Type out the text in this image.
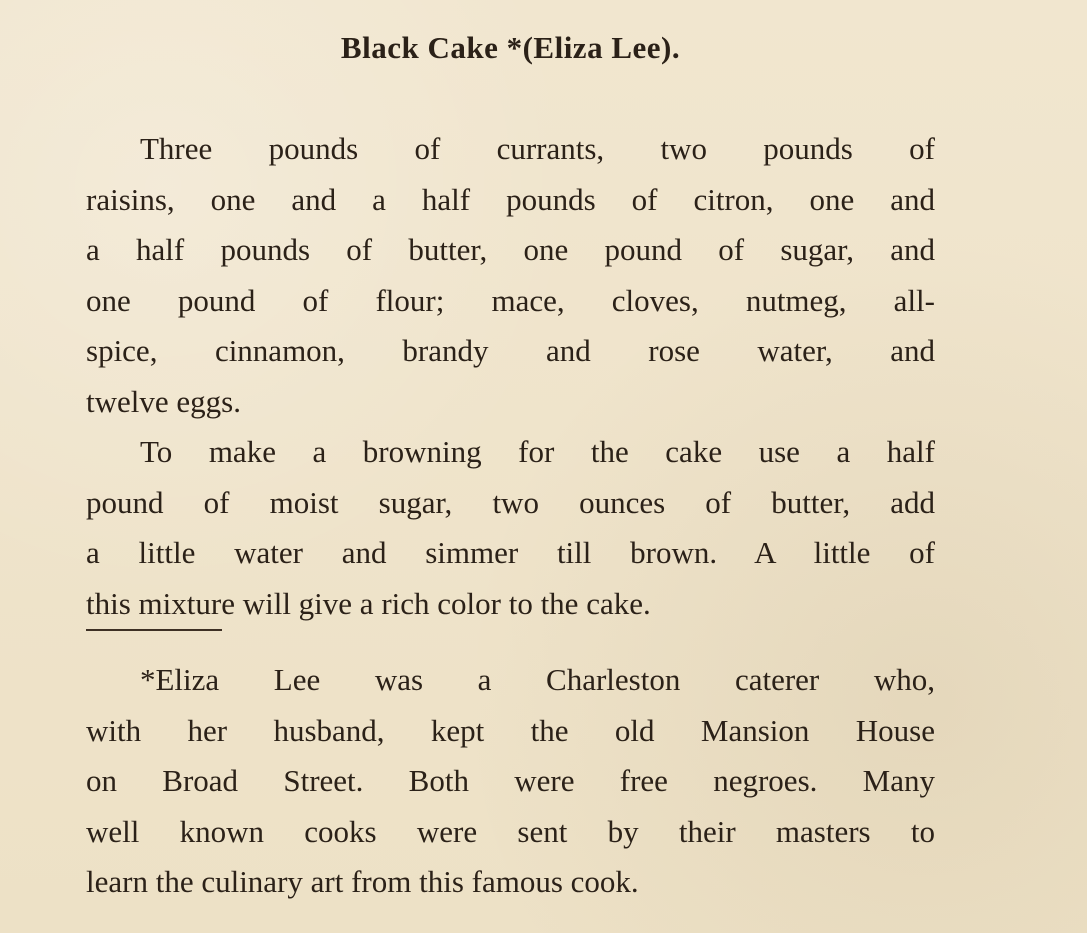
Black Cake *(Eliza Lee).
Three pounds of currants, two pounds of
raisins, one and a half pounds of citron, one and
a half pounds of butter, one pound of sugar, and
one pound of flour; mace, cloves, nutmeg, all-
spice, cinnamon, brandy and rose water, and
twelve eggs.
To make a browning for the cake use a half
pound of moist sugar, two ounces of butter, add
a little water and simmer till brown. A little of
this mixture will give a rich color to the cake.
*Eliza Lee was a Charleston caterer who,
with her husband, kept the old Mansion House
on Broad Street. Both were free negroes. Many
well known cooks were sent by their masters to
learn the culinary art from this famous cook.
